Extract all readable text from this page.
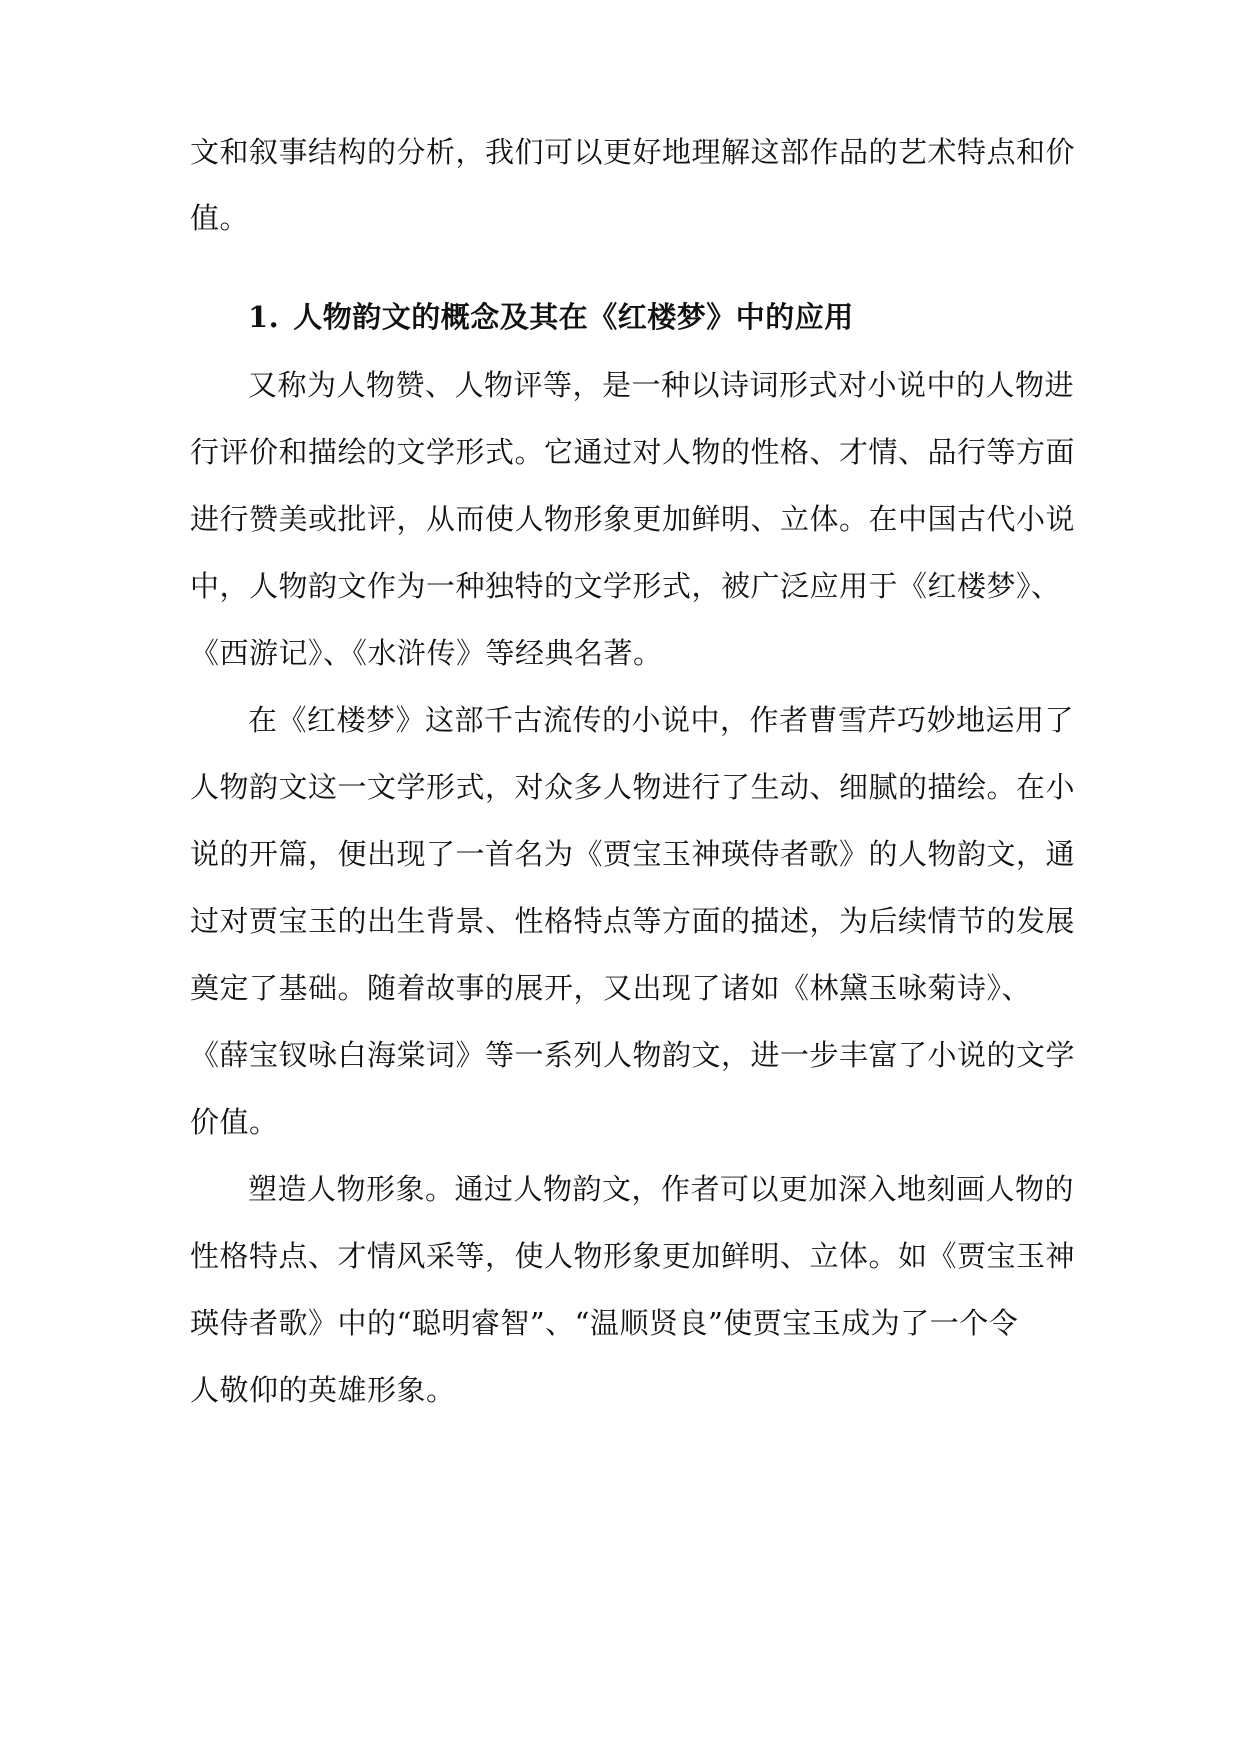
文和叙事结构的分析，我们可以更好地理解这部作品的艺术特点和价
值。
1. 人物韵文的概念及其在《红楼梦》中的应用
又称为人物赞、人物评等，是一种以诗词形式对小说中的人物进
行评价和描绘的文学形式。它通过对人物的性格、才情、品行等方面
进行赞美或批评，从而使人物形象更加鲜明、立体。在中国古代小说
中，人物韵文作为一种独特的文学形式，被广泛应用于《红楼梦》、
《西游记》、《水浒传》等经典名著。
在《红楼梦》这部千古流传的小说中，作者曹雪芹巧妙地运用了
人物韵文这一文学形式，对众多人物进行了生动、细腻的描绘。在小
说的开篇，便出现了一首名为《贾宝玉神瑛侍者歌》的人物韵文，通
过对贾宝玉的出生背景、性格特点等方面的描述，为后续情节的发展
奠定了基础。随着故事的展开，又出现了诸如《林黛玉咏菊诗》、
《薛宝钗咏白海棠词》等一系列人物韵文，进一步丰富了小说的文学
价值。
塑造人物形象。通过人物韵文，作者可以更加深入地刻画人物的
性格特点、才情风采等，使人物形象更加鲜明、立体。如《贾宝玉神
瑛侍者歌》中的“聪明睿智”、“温顺贤良”使贾宝玉成为了一个令
人敬仰的英雄形象。
